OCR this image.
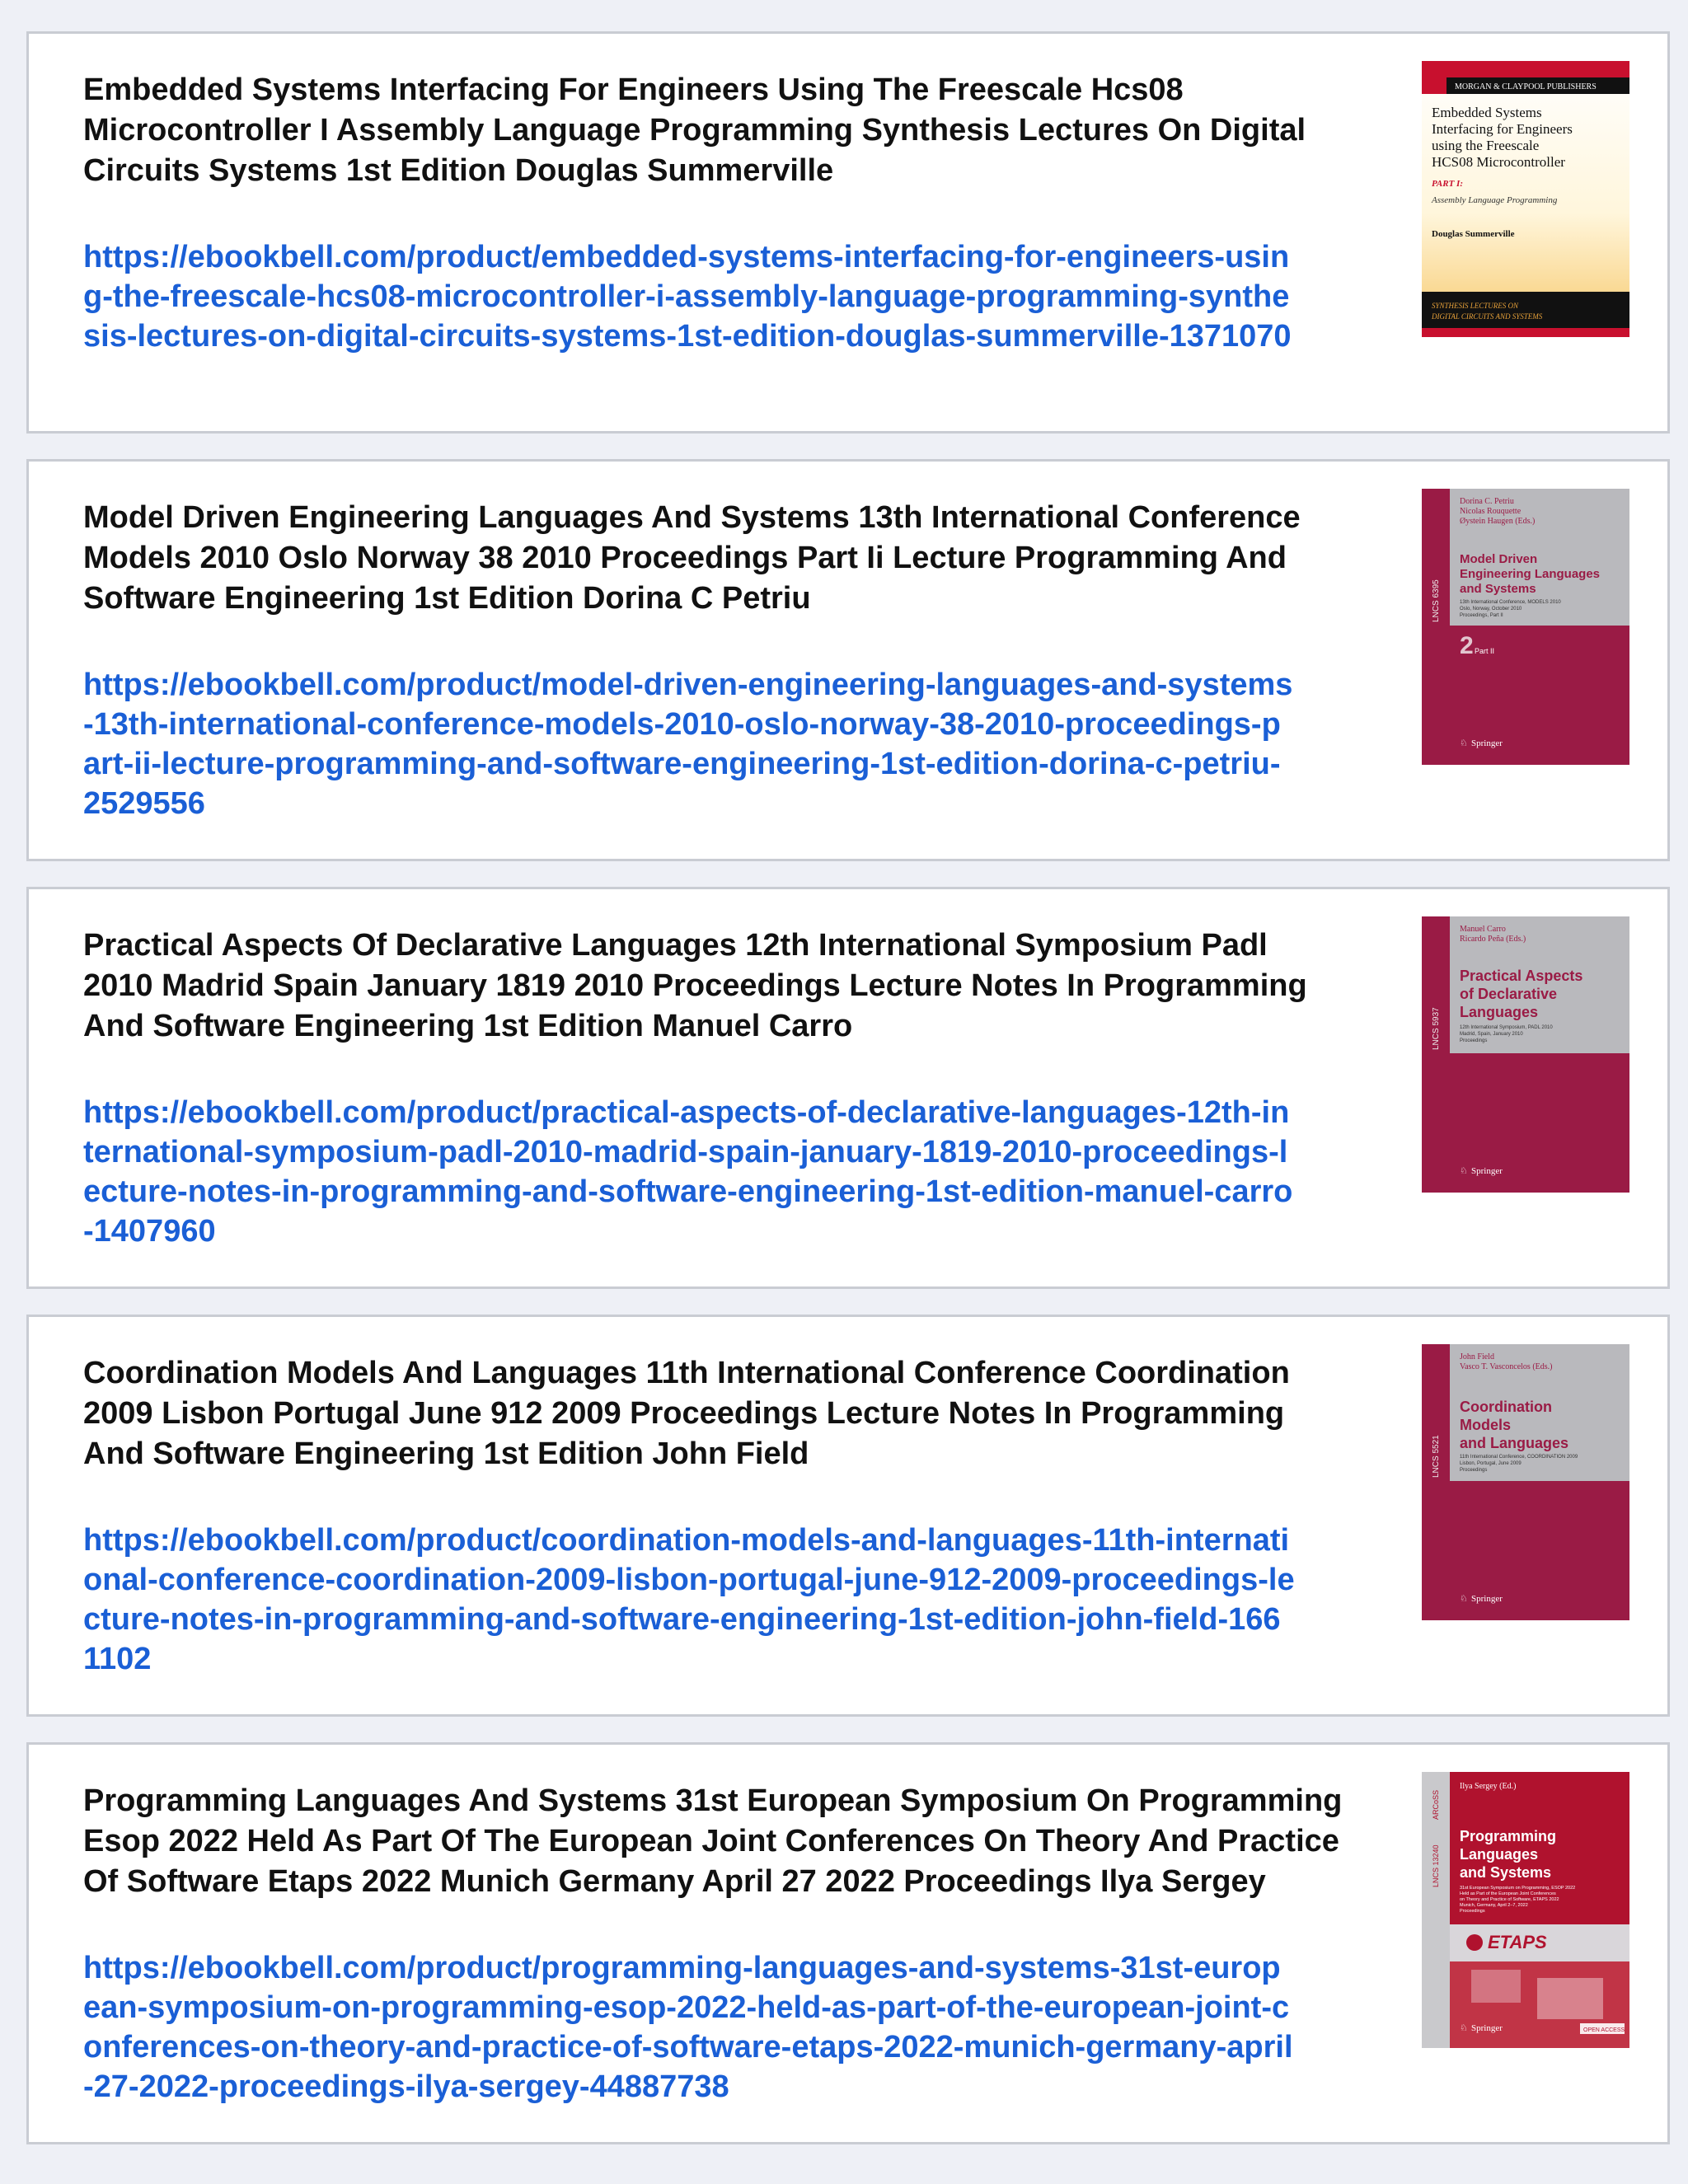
Embedded Systems Interfacing For Engineers Using The Freescale Hcs08 Microcontroller I Assembly Language Programming Synthesis Lectures On Digital Circuits Systems 1st Edition Douglas Summerville
https://ebookbell.com/product/embedded-systems-interfacing-for-engineers-using-the-freescale-hcs08-microcontroller-i-assembly-language-programming-synthesis-lectures-on-digital-circuits-systems-1st-edition-douglas-summerville-1371070
MORGAN & CLAYPOOL PUBLISHERS
Embedded Systems
Interfacing for Engineers
using the Freescale
HCS08 Microcontroller
PART I:
Assembly Language Programming
Douglas Summerville
SYNTHESIS LECTURES ON
DIGITAL CIRCUITS AND SYSTEMS
Model Driven Engineering Languages And Systems 13th International Conference Models 2010 Oslo Norway 38 2010 Proceedings Part Ii Lecture Programming And Software Engineering 1st Edition Dorina C Petriu
https://ebookbell.com/product/model-driven-engineering-languages-and-systems-13th-international-conference-models-2010-oslo-norway-38-2010-proceedings-part-ii-lecture-programming-and-software-engineering-1st-edition-dorina-c-petriu-2529556
LNCS 6395
Dorina C. Petriu
Nicolas Rouquette
Øystein Haugen (Eds.)
Model Driven
Engineering Languages
and Systems
13th International Conference, MODELS 2010
Oslo, Norway, October 2010
Proceedings, Part II
2 Part II
♘ Springer
Practical Aspects Of Declarative Languages 12th International Symposium Padl 2010 Madrid Spain January 1819 2010 Proceedings Lecture Notes In Programming And Software Engineering 1st Edition Manuel Carro
https://ebookbell.com/product/practical-aspects-of-declarative-languages-12th-international-symposium-padl-2010-madrid-spain-january-1819-2010-proceedings-lecture-notes-in-programming-and-software-engineering-1st-edition-manuel-carro-1407960
LNCS 5937
Manuel Carro
Ricardo Peña (Eds.)
Practical Aspects
of Declarative
Languages
12th International Symposium, PADL 2010
Madrid, Spain, January 2010
Proceedings
♘ Springer
Coordination Models And Languages 11th International Conference Coordination 2009 Lisbon Portugal June 912 2009 Proceedings Lecture Notes In Programming And Software Engineering 1st Edition John Field
https://ebookbell.com/product/coordination-models-and-languages-11th-international-conference-coordination-2009-lisbon-portugal-june-912-2009-proceedings-lecture-notes-in-programming-and-software-engineering-1st-edition-john-field-1661102
LNCS 5521
John Field
Vasco T. Vasconcelos (Eds.)
Coordination
Models
and Languages
11th International Conference, COORDINATION 2009
Lisbon, Portugal, June 2009
Proceedings
♘ Springer
Programming Languages And Systems 31st European Symposium On Programming Esop 2022 Held As Part Of The European Joint Conferences On Theory And Practice Of Software Etaps 2022 Munich Germany April 27 2022 Proceedings Ilya Sergey
https://ebookbell.com/product/programming-languages-and-systems-31st-european-symposium-on-programming-esop-2022-held-as-part-of-the-european-joint-conferences-on-theory-and-practice-of-software-etaps-2022-munich-germany-april-27-2022-proceedings-ilya-sergey-44887738
LNCS 13240
ARCoSS
Ilya Sergey (Ed.)
Programming
Languages
and Systems
31st European Symposium on Programming, ESOP 2022
Held as Part of the European Joint Conferences
on Theory and Practice of Software, ETAPS 2022
Munich, Germany, April 2–7, 2022
Proceedings
ETAPS
♘ Springer	OPEN ACCESS
